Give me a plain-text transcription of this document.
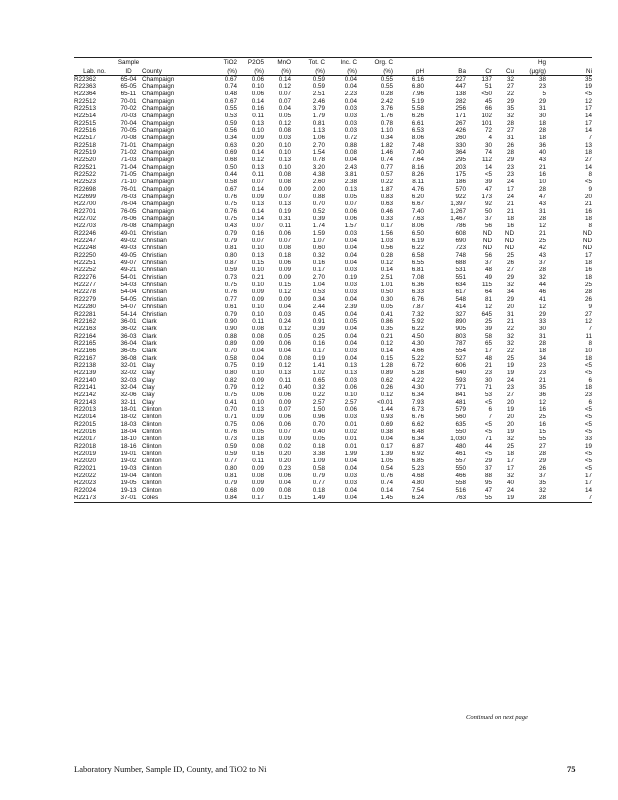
	Sample		TiO2	P2O5	MnO	Tot. C	Inc. C	Org. C					Hg	
Lab. no.	ID	County	(%)	(%)	(%)	(%)	(%)	(%)	pH	Ba	Cr	Cu	(µg/g)	Ni
R22362	65-04	Champaign	0.67	0.06	0.14	0.59	0.04	0.55	6.16	227	137	32	38	35
R22363	65-05	Champaign	0.74	0.10	0.12	0.59	0.04	0.55	6.80	447	51	27	23	19
R22364	65-11	Champaign	0.48	0.06	0.07	2.51	2.23	0.28	7.96	138	<50	22	5	<5
R22512	70-01	Champaign	0.67	0.14	0.07	2.46	0.04	2.42	5.19	282	45	29	29	12
R22513	70-02	Champaign	0.55	0.16	0.04	3.79	0.03	3.76	5.58	256	66	35	31	17
R22514	70-03	Champaign	0.53	0.11	0.05	1.79	0.03	1.76	6.26	171	102	32	30	14
R22515	70-04	Champaign	0.59	0.13	0.12	0.81	0.03	0.78	6.61	267	101	28	18	17
R22516	70-05	Champaign	0.56	0.10	0.08	1.13	0.03	1.10	6.53	426	72	27	28	14
R22517	70-08	Champaign	0.34	0.09	0.03	1.06	0.72	0.34	8.06	260	4	31	18	7
R22518	71-01	Champaign	0.63	0.20	0.10	2.70	0.88	1.82	7.48	330	30	26	36	13
R22519	71-02	Champaign	0.69	0.14	0.10	1.54	0.08	1.46	7.40	364	74	28	40	18
R22520	71-03	Champaign	0.68	0.12	0.13	0.78	0.04	0.74	7.64	295	112	29	43	27
R22521	71-04	Champaign	0.50	0.13	0.10	3.20	2.43	0.77	8.16	203	14	23	21	14
R22522	71-05	Champaign	0.44	0.11	0.08	4.38	3.81	0.57	8.26	175	<5	23	16	8
R22523	71-10	Champaign	0.58	0.07	0.08	2.60	2.38	0.22	8.11	186	39	24	10	<5
R22698	76-01	Champaign	0.67	0.14	0.09	2.00	0.13	1.87	4.76	570	47	17	28	9
R22699	76-03	Champaign	0.76	0.09	0.07	0.88	0.05	0.83	6.20	922	173	24	47	20
R22700	76-04	Champaign	0.75	0.13	0.13	0.70	0.07	0.63	6.67	1,397	92	21	43	21
R22701	76-05	Champaign	0.76	0.14	0.19	0.52	0.06	0.46	7.40	1,267	50	21	31	16
R22702	76-06	Champaign	0.75	0.14	0.31	0.39	0.06	0.33	7.63	1,467	37	18	28	18
R22703	76-08	Champaign	0.43	0.07	0.11	1.74	1.57	0.17	8.06	786	56	16	12	8
R22246	49-01	Christian	0.79	0.16	0.06	1.59	0.03	1.56	6.50	608	ND	ND	21	ND
R22247	49-02	Christian	0.79	0.07	0.07	1.07	0.04	1.03	6.19	690	ND	ND	25	ND
R22248	49-03	Christian	0.81	0.10	0.08	0.60	0.04	0.56	6.22	723	ND	ND	42	ND
R22250	49-05	Christian	0.80	0.13	0.18	0.32	0.04	0.28	6.58	748	56	25	43	17
R22251	49-07	Christian	0.87	0.15	0.06	0.16	0.04	0.12	6.55	688	37	26	37	18
R22252	49-21	Christian	0.59	0.10	0.09	0.17	0.03	0.14	6.81	531	48	27	28	16
R22276	54-01	Christian	0.73	0.21	0.09	2.70	0.19	2.51	7.08	551	49	29	32	18
R22277	54-03	Christian	0.75	0.10	0.15	1.04	0.03	1.01	6.36	634	115	32	44	25
R22278	54-04	Christian	0.76	0.09	0.12	0.53	0.03	0.50	6.33	617	64	34	46	28
R22279	54-05	Christian	0.77	0.09	0.09	0.34	0.04	0.30	6.76	548	81	29	41	26
R22280	54-07	Christian	0.61	0.10	0.04	2.44	2.39	0.05	7.87	414	12	20	12	9
R22281	54-14	Christian	0.79	0.10	0.03	0.45	0.04	0.41	7.32	327	645	31	29	27
R22162	36-01	Clark	0.90	0.11	0.24	0.91	0.05	0.86	5.92	890	25	21	33	12
R22163	36-02	Clark	0.90	0.08	0.12	0.39	0.04	0.35	6.22	905	39	22	30	7
R22164	36-03	Clark	0.88	0.08	0.05	0.25	0.04	0.21	4.50	803	58	32	31	11
R22165	36-04	Clark	0.89	0.09	0.06	0.16	0.04	0.12	4.30	787	65	32	28	8
R22166	36-05	Clark	0.70	0.04	0.04	0.17	0.03	0.14	4.66	554	17	22	18	10
R22167	36-08	Clark	0.58	0.04	0.08	0.19	0.04	0.15	5.22	527	48	25	34	18
R22138	32-01	Clay	0.75	0.19	0.12	1.41	0.13	1.28	6.72	606	21	19	23	<5
R22139	32-02	Clay	0.80	0.10	0.13	1.02	0.13	0.89	5.28	640	23	19	23	<5
R22140	32-03	Clay	0.82	0.09	0.11	0.65	0.03	0.62	4.22	593	30	24	21	6
R22141	32-04	Clay	0.79	0.12	0.40	0.32	0.06	0.26	4.30	771	71	23	35	18
R22142	32-06	Clay	0.75	0.06	0.06	0.22	0.10	0.12	6.34	841	53	27	36	23
R22143	32-11	Clay	0.41	0.10	0.09	2.57	2.57	<0.01	7.93	481	<5	20	12	6
R22013	18-01	Clinton	0.70	0.13	0.07	1.50	0.06	1.44	6.73	579	6	19	16	<5
R22014	18-02	Clinton	0.71	0.09	0.06	0.96	0.03	0.93	6.76	560	7	20	25	<5
R22015	18-03	Clinton	0.75	0.06	0.06	0.70	0.01	0.69	6.62	635	<5	20	16	<5
R22016	18-04	Clinton	0.76	0.05	0.07	0.40	0.02	0.38	6.48	550	<5	19	15	<5
R22017	18-10	Clinton	0.73	0.18	0.09	0.05	0.01	0.04	6.34	1,030	71	32	55	33
R22018	18-16	Clinton	0.59	0.08	0.02	0.18	0.01	0.17	6.87	480	44	25	27	19
R22019	19-01	Clinton	0.59	0.16	0.20	3.38	1.99	1.39	6.92	461	<5	18	28	<5
R22020	19-02	Clinton	0.77	0.11	0.20	1.09	0.04	1.05	6.85	557	29	17	29	<5
R22021	19-03	Clinton	0.80	0.09	0.23	0.58	0.04	0.54	5.23	550	37	17	26	<5
R22022	19-04	Clinton	0.81	0.08	0.06	0.79	0.03	0.76	4.68	466	88	32	37	17
R22023	19-05	Clinton	0.79	0.09	0.04	0.77	0.03	0.74	4.80	558	95	40	35	17
R22024	19-13	Clinton	0.68	0.09	0.08	0.18	0.04	0.14	7.54	516	47	24	32	14
R22173	37-01	Coles	0.84	0.17	0.15	1.49	0.04	1.45	6.24	763	55	19	28	7
Continued on next page
Laboratory Number, Sample ID, County, and TiO2 to Ni	75
